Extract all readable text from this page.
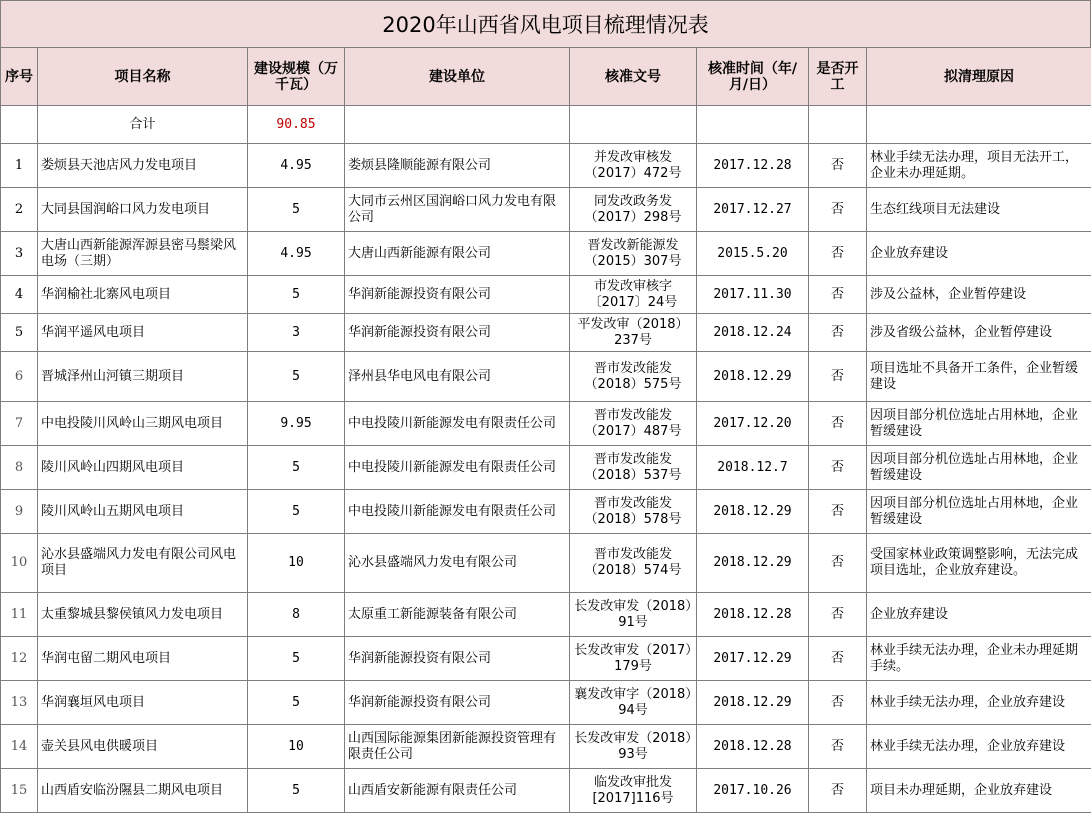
2020年山西省风电项目梳理情况表
序号	项目名称	建设规模（万千瓦）	建设单位	核准文号	核准时间（年/月/日）	是否开工	拟清理原因
	合计	90.85					
1	娄烦县天池店风力发电项目	4.95	娄烦县隆顺能源有限公司	并发改审核发（2017）472号	2017.12.28	否	林业手续无法办理，项目无法开工，企业未办理延期。
2	大同县国润峪口风力发电项目	5	大同市云州区国润峪口风力发电有限公司	同发改政务发（2017）298号	2017.12.27	否	生态红线项目无法建设
3	大唐山西新能源浑源县密马鬃梁风电场（三期）	4.95	大唐山西新能源有限公司	晋发改新能源发（2015）307号	2015.5.20	否	企业放弃建设
4	华润榆社北寨风电项目	5	华润新能源投资有限公司	市发改审核字〔2017〕24号	2017.11.30	否	涉及公益林，企业暂停建设
5	华润平遥风电项目	3	华润新能源投资有限公司	平发改审（2018）237号	2018.12.24	否	涉及省级公益林，企业暂停建设
6	晋城泽州山河镇三期项目	5	泽州县华电风电有限公司	晋市发改能发（2018）575号	2018.12.29	否	项目选址不具备开工条件，企业暂缓建设
7	中电投陵川风岭山三期风电项目	9.95	中电投陵川新能源发电有限责任公司	晋市发改能发（2017）487号	2017.12.20	否	因项目部分机位选址占用林地，企业暂缓建设
8	陵川风岭山四期风电项目	5	中电投陵川新能源发电有限责任公司	晋市发改能发（2018）537号	2018.12.7	否	因项目部分机位选址占用林地，企业暂缓建设
9	陵川风岭山五期风电项目	5	中电投陵川新能源发电有限责任公司	晋市发改能发（2018）578号	2018.12.29	否	因项目部分机位选址占用林地，企业暂缓建设
10	沁水县盛端风力发电有限公司风电项目	10	沁水县盛端风力发电有限公司	晋市发改能发（2018）574号	2018.12.29	否	受国家林业政策调整影响，无法完成项目选址，企业放弃建设。
11	太重黎城县黎侯镇风力发电项目	8	太原重工新能源装备有限公司	长发改审发（2018）91号	2018.12.28	否	企业放弃建设
12	华润屯留二期风电项目	5	华润新能源投资有限公司	长发改审发（2017）179号	2017.12.29	否	林业手续无法办理，企业未办理延期手续。
13	华润襄垣风电项目	5	华润新能源投资有限公司	襄发改审字（2018）94号	2018.12.29	否	林业手续无法办理，企业放弃建设
14	壶关县风电供暖项目	10	山西国际能源集团新能源投资管理有限责任公司	长发改审发（2018）93号	2018.12.28	否	林业手续无法办理，企业放弃建设
15	山西盾安临汾隰县二期风电项目	5	山西盾安新能源有限责任公司	临发改审批发[2017]116号	2017.10.26	否	项目未办理延期，企业放弃建设
